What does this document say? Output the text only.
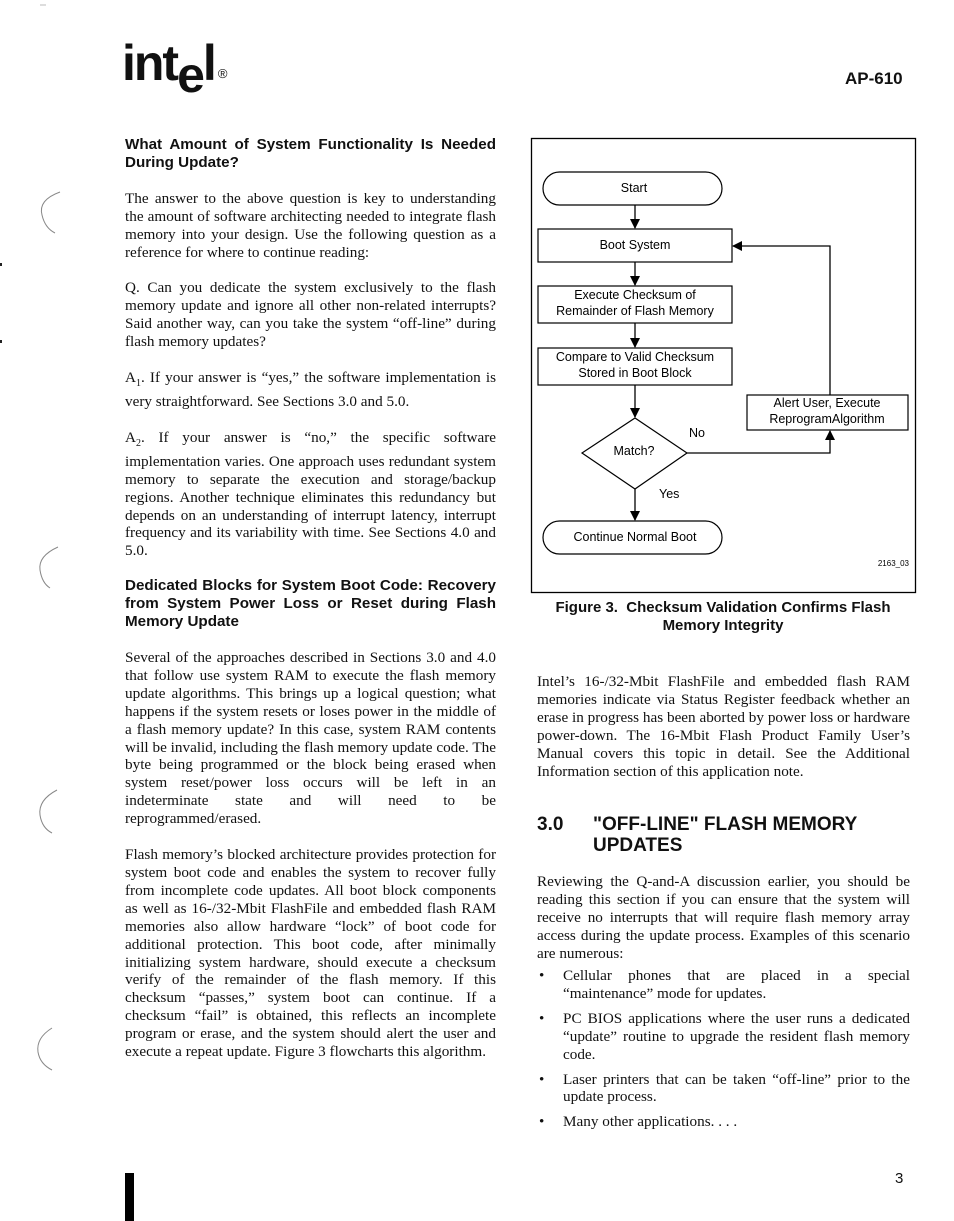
intel ®	AP-610
What Amount of System Functionality Is Needed During Update?

The answer to the above question is key to understanding the amount of software architecting needed to integrate flash memory into your design. Use the following question as a reference for where to continue reading:

Q. Can you dedicate the system exclusively to the flash memory update and ignore all other non-related interrupts? Said another way, can you take the system “off-line” during flash memory updates?

$A_1$. If your answer is “yes,” the software implementation is very straightforward. See Sections 3.0 and 5.0.

$A_2$. If your answer is “no,” the specific software implementation varies. One approach uses redundant system memory to separate the execution and storage/backup regions. Another technique eliminates this redundancy but depends on an understanding of interrupt latency, interrupt frequency and its variability with time. See Sections 4.0 and 5.0.

Dedicated Blocks for System Boot Code: Recovery from System Power Loss or Reset during Flash Memory Update

Several of the approaches described in Sections 3.0 and 4.0 that follow use system RAM to execute the flash memory update algorithms. This brings up a logical question; what happens if the system resets or loses power in the middle of a flash memory update? In this case, system RAM contents will be invalid, including the flash memory update code. The byte being programmed or the block being erased when system reset/power loss occurs will be left in an indeterminate state and will need to be reprogrammed/erased.

Flash memory’s blocked architecture provides protection for system boot code and enables the system to recover fully from incomplete code updates. All boot block components as well as 16-/32-Mbit FlashFile and embedded flash RAM memories also allow hardware “lock” of boot code for additional protection. This boot code, after minimally initializing system hardware, should execute a checksum verify of the remainder of the flash memory. If this checksum “passes,” system boot can continue. If a checksum “fail” is obtained, this reflects an incomplete program or erase, and the system should alert the user and execute a repeat update. Figure 3 flowcharts this algorithm.

Start
Boot System
Execute Checksum of
Remainder of Flash Memory
Compare to Valid Checksum
Stored in Boot Block
Match?
No
Yes
Alert User, Execute
ReprogramAlgorithm
Continue Normal Boot
2163_03
Figure 3.  Checksum Validation Confirms Flash
Memory Integrity

Intel’s 16-/32-Mbit FlashFile and embedded flash RAM memories indicate via Status Register feedback whether an erase in progress has been aborted by power loss or hardware power-down. The 16-Mbit Flash Product Family User’s Manual covers this topic in detail. See the Additional Information section of this application note.

3.0	"OFF-LINE" FLASH MEMORY
UPDATES

Reviewing the Q-and-A discussion earlier, you should be reading this section if you can ensure that the system will receive no interrupts that will require flash memory array access during the update process. Examples of this scenario are numerous:

• Cellular phones that are placed in a special “maintenance” mode for updates.
• PC BIOS applications where the user runs a dedicated “update” routine to upgrade the resident flash memory code.
• Laser printers that can be taken “off-line” prior to the update process.
• Many other applications. . . .
3
